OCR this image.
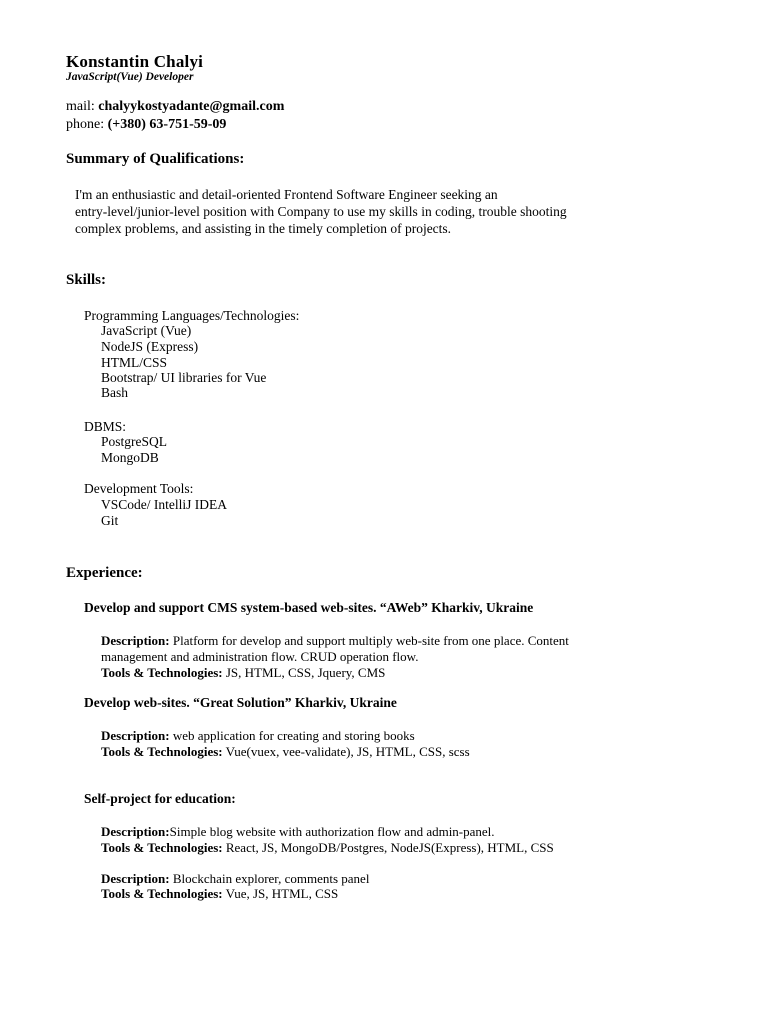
Konstantin Chalyi
JavaScript(Vue) Developer
mail: chalyykostyadante@gmail.com
phone: (+380) 63-751-59-09
Summary of Qualifications:
I'm an enthusiastic and detail-oriented Frontend Software Engineer seeking an
entry-level/junior-level position with Company to use my skills in coding, trouble shooting
complex problems, and assisting in the timely completion of projects.
Skills:
Programming Languages/Technologies:
JavaScript (Vue)
NodeJS (Express)
HTML/CSS
Bootstrap/ UI libraries for Vue
Bash
DBMS:
PostgreSQL
MongoDB
Development Tools:
VSCode/ IntelliJ IDEA
Git
Experience:
Develop and support CMS system-based web-sites. “AWeb” Kharkiv, Ukraine
Description: Platform for develop and support multiply web-site from one place. Content
management and administration flow. CRUD operation flow.
Tools & Technologies: JS, HTML, CSS, Jquery, CMS
Develop web-sites. “Great Solution” Kharkiv, Ukraine
Description: web application for creating and storing books
Tools & Technologies: Vue(vuex, vee-validate), JS, HTML, CSS, scss
Self-project for education:
Description:Simple blog website with authorization flow and admin-panel.
Tools & Technologies: React, JS, MongoDB/Postgres, NodeJS(Express), HTML, CSS
Description: Blockchain explorer, comments panel
Tools & Technologies: Vue, JS, HTML, CSS
